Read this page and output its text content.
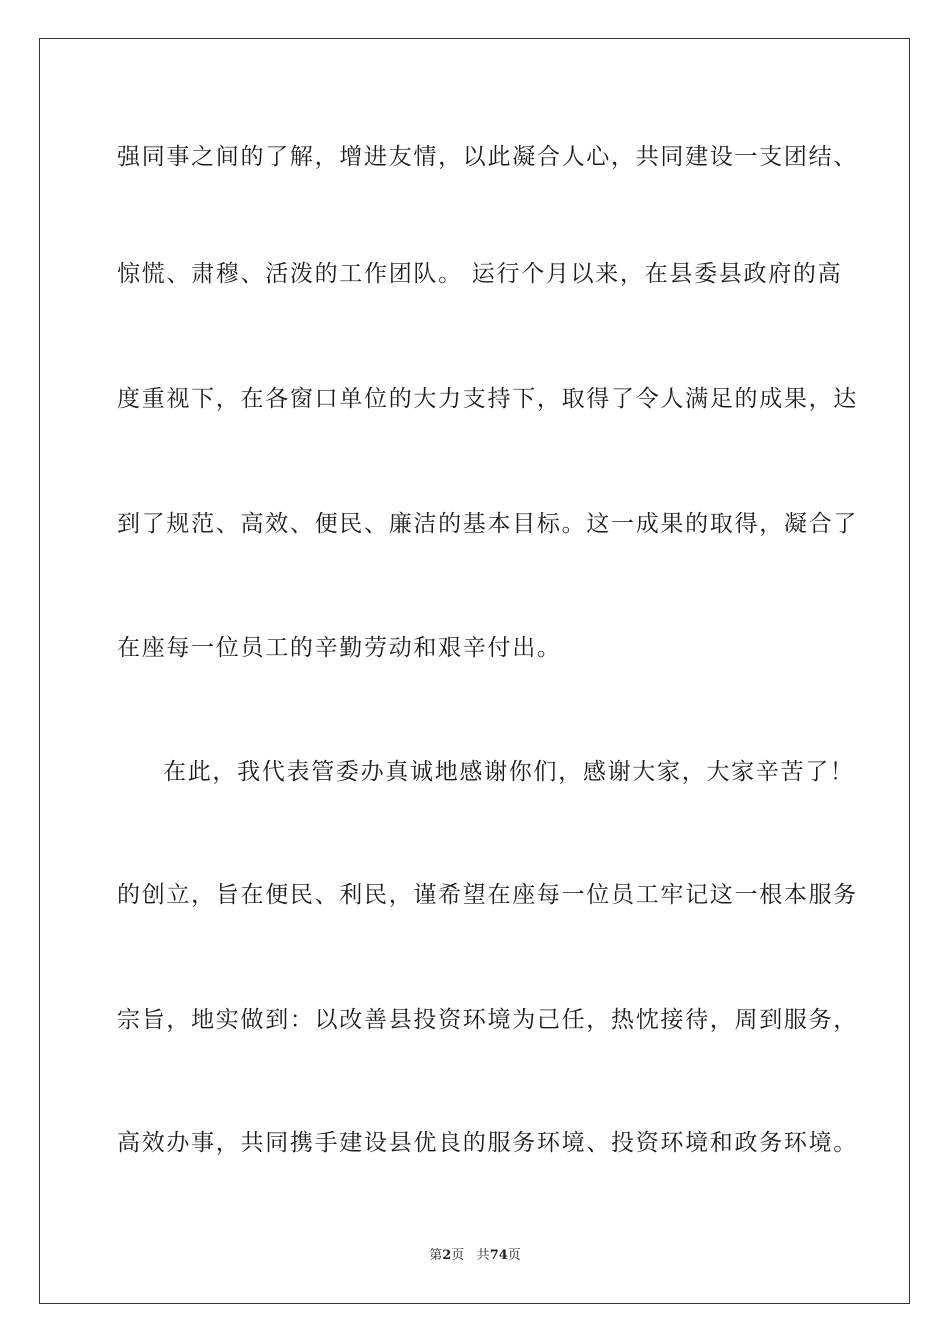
强同事之间的了解，增进友情，以此凝合人心，共同建设一支团结、
惊慌、肃穆、活泼的工作团队。 运行个月以来，在县委县政府的高
度重视下，在各窗口单位的大力支持下，取得了令人满足的成果，达
到了规范、高效、便民、廉洁的基本目标。这一成果的取得，凝合了
在座每一位员工的辛勤劳动和艰辛付出。
在此，我代表管委办真诚地感谢你们，感谢大家，大家辛苦了！
的创立，旨在便民、利民，谨希望在座每一位员工牢记这一根本服务
宗旨，地实做到：以改善县投资环境为己任，热忱接待，周到服务，
高效办事，共同携手建设县优良的服务环境、投资环境和政务环境。
第2页 共74页
